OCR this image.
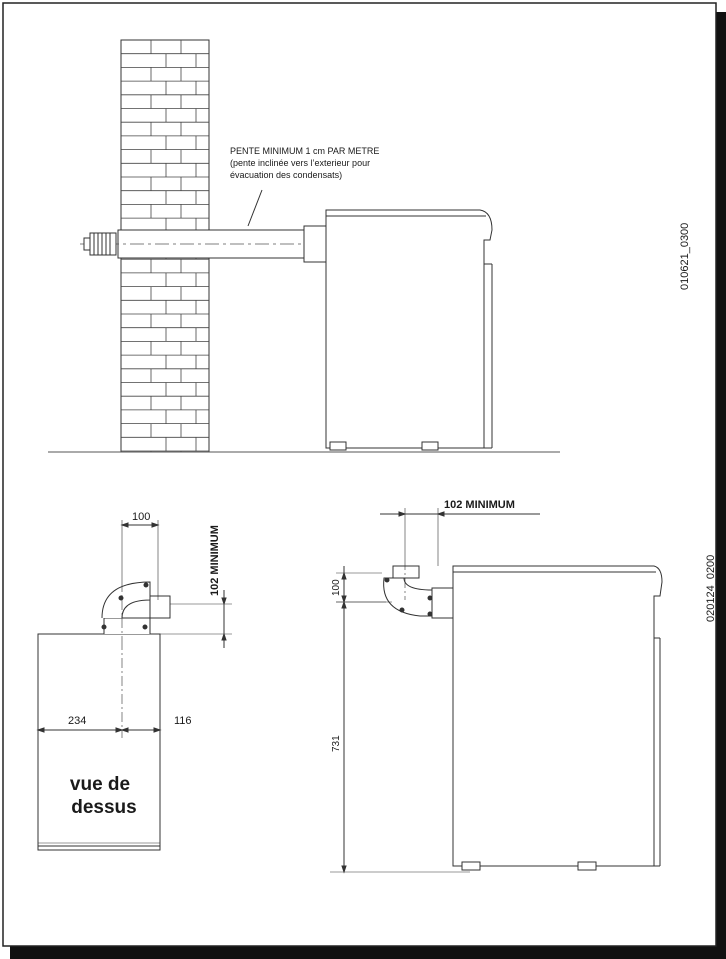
PENTE MINIMUM 1 cm PAR METRE
(pente inclinée vers l’exterieur pour
évacuation des condensats)
010621_0300
100
102 MINIMUM
234	116
vue de
dessus
102 MINIMUM
100
731
020124_0200
